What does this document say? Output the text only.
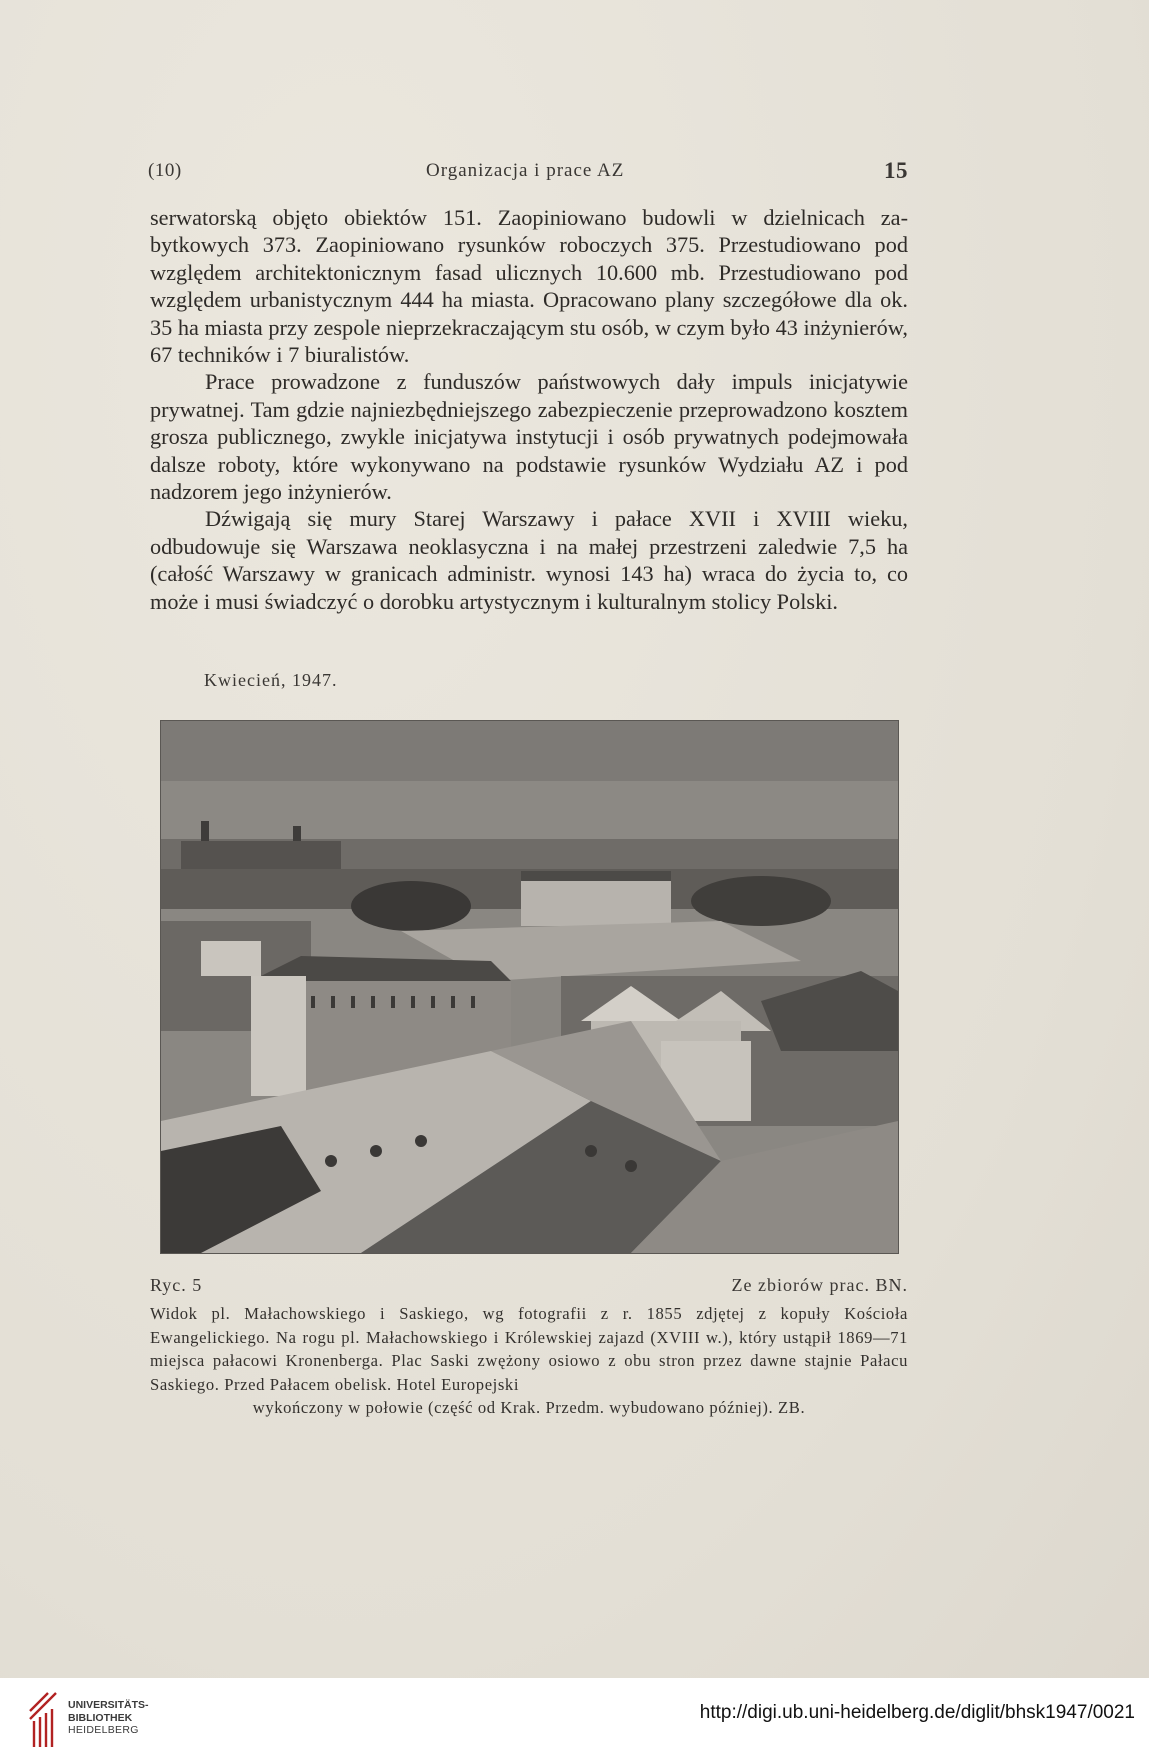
(10)	Organizacja i prace AZ	15

serwatorską objęto obiektów 151. Zaopiniowano budowli w dzielnicach zabytkowych 373. Zaopiniowano rysunków roboczych 375. Przestudiowano pod względem architektonicznym fasad ulicznych 10.600 mb. Przestudiowano pod względem urbanistycznym 444 ha miasta. Opracowano plany szczegółowe dla ok. 35 ha miasta przy zespole nieprzekraczającym stu osób, w czym było 43 inżynierów, 67 techników i 7 biuralistów.

Prace prowadzone z funduszów państwowych dały impuls inicjatywie prywatnej. Tam gdzie najniezbędniejszego zabezpieczenie przeprowadzono kosztem grosza publicznego, zwykle inicjatywa instytucji i osób prywatnych podejmowała dalsze roboty, które wykonywano na podstawie rysunków Wydziału AZ i pod nadzorem jego inżynierów.

Dźwigają się mury Starej Warszawy i pałace XVII i XVIII wieku, odbudowuje się Warszawa neoklasyczna i na małej przestrzeni zaledwie 7,5 ha (całość Warszawy w granicach administr. wynosi 143 ha) wraca do życia to, co może i musi świadczyć o dorobku artystycznym i kulturalnym stolicy Polski.

Kwiecień, 1947.
Ryc. 5	Ze zbiorów prac. BN.

Widok pl. Małachowskiego i Saskiego, wg fotografii z r. 1855 zdjętej z kopuły Kościoła Ewangelickiego. Na rogu pl. Małachowskiego i Królewskiej zajazd (XVIII w.), który ustąpił 1869—71 miejsca pałacowi Kronenberga. Plac Saski zwężony osiowo z obu stron przez dawne stajnie Pałacu Saskiego. Przed Pałacem obelisk. Hotel Europejski

wykończony w połowie (część od Krak. Przedm. wybudowano później). ZB.

UNIVERSITÄTS-
BIBLIOTHEK
HEIDELBERG
http://digi.ub.uni-heidelberg.de/diglit/bhsk1947/0021
